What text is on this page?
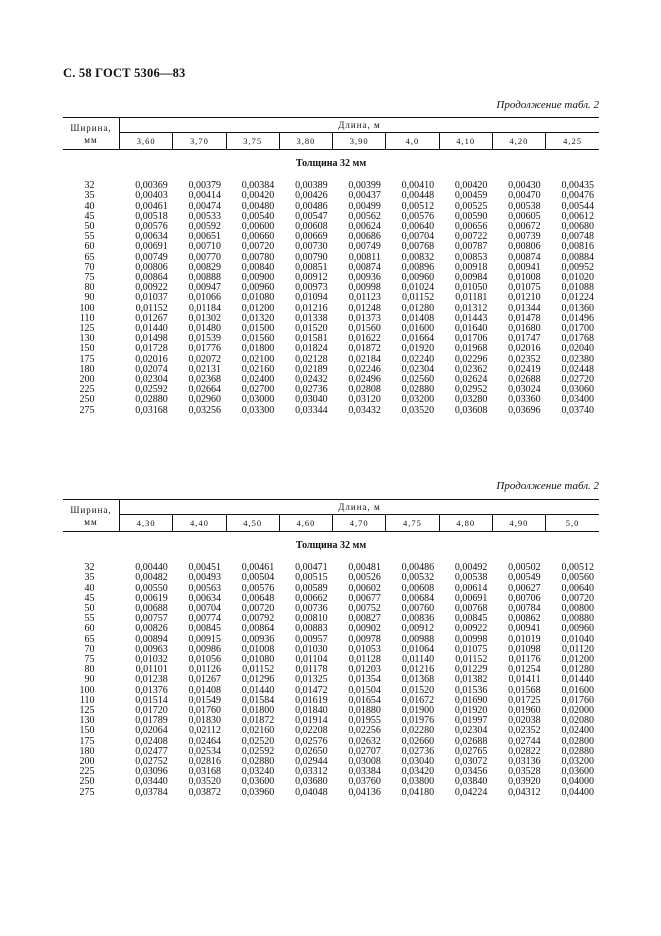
С. 58 ГОСТ 5306—83
Продолжение табл. 2
Ширина,
мм	Длина, м								
	3,60	3,70	3,75	3,80	3,90	4,0	4,10	4,20	4,25
Толщина 32 мм									
32	0,00369	0,00379	0,00384	0,00389	0,00399	0,00410	0,00420	0,00430	0,00435
35	0,00403	0,00414	0,00420	0,00426	0,00437	0,00448	0,00459	0,00470	0,00476
40	0,00461	0,00474	0,00480	0,00486	0,00499	0,00512	0,00525	0,00538	0,00544
45	0,00518	0,00533	0,00540	0,00547	0,00562	0,00576	0,00590	0,00605	0,00612
50	0,00576	0,00592	0,00600	0,00608	0,00624	0,00640	0,00656	0,00672	0,00680
55	0,00634	0,00651	0,00660	0,00669	0,00686	0,00704	0,00722	0,00739	0,00748
60	0,00691	0,00710	0,00720	0,00730	0,00749	0,00768	0,00787	0,00806	0,00816
65	0,00749	0,00770	0,00780	0,00790	0,00811	0,00832	0,00853	0,00874	0,00884
70	0,00806	0,00829	0,00840	0,00851	0,00874	0,00896	0,00918	0,00941	0,00952
75	0,00864	0,00888	0,00900	0,00912	0,00936	0,00960	0,00984	0,01008	0,01020
80	0,00922	0,00947	0,00960	0,00973	0,00998	0,01024	0,01050	0,01075	0,01088
90	0,01037	0,01066	0,01080	0,01094	0,01123	0,01152	0,01181	0,01210	0,01224
100	0,01152	0,01184	0,01200	0,01216	0,01248	0,01280	0,01312	0,01344	0,01360
110	0,01267	0,01302	0,01320	0,01338	0,01373	0,01408	0,01443	0,01478	0,01496
125	0,01440	0,01480	0,01500	0,01520	0,01560	0,01600	0,01640	0,01680	0,01700
130	0,01498	0,01539	0,01560	0,01581	0,01622	0,01664	0,01706	0,01747	0,01768
150	0,01728	0,01776	0,01800	0,01824	0,01872	0,01920	0,01968	0,02016	0,02040
175	0,02016	0,02072	0,02100	0,02128	0,02184	0,02240	0,02296	0,02352	0,02380
180	0,02074	0,02131	0,02160	0,02189	0,02246	0,02304	0,02362	0,02419	0,02448
200	0,02304	0,02368	0,02400	0,02432	0,02496	0,02560	0,02624	0,02688	0,02720
225	0,02592	0,02664	0,02700	0,02736	0,02808	0,02880	0,02952	0,03024	0,03060
250	0,02880	0,02960	0,03000	0,03040	0,03120	0,03200	0,03280	0,03360	0,03400
275	0,03168	0,03256	0,03300	0,03344	0,03432	0,03520	0,03608	0,03696	0,03740
Продолжение табл. 2
Ширина,
мм	Длина, м								
	4,30	4,40	4,50	4,60	4,70	4,75	4,80	4,90	5,0
Толщина 32 мм									
32	0,00440	0,00451	0,00461	0,00471	0,00481	0,00486	0,00492	0,00502	0,00512
35	0,00482	0,00493	0,00504	0,00515	0,00526	0,00532	0,00538	0,00549	0,00560
40	0,00550	0,00563	0,00576	0,00589	0,00602	0,00608	0,00614	0,00627	0,00640
45	0,00619	0,00634	0,00648	0,00662	0,00677	0,00684	0,00691	0,00706	0,00720
50	0,00688	0,00704	0,00720	0,00736	0,00752	0,00760	0,00768	0,00784	0,00800
55	0,00757	0,00774	0,00792	0,00810	0,00827	0,00836	0,00845	0,00862	0,00880
60	0,00826	0,00845	0,00864	0,00883	0,00902	0,00912	0,00922	0,00941	0,00960
65	0,00894	0,00915	0,00936	0,00957	0,00978	0,00988	0,00998	0,01019	0,01040
70	0,00963	0,00986	0,01008	0,01030	0,01053	0,01064	0,01075	0,01098	0,01120
75	0,01032	0,01056	0,01080	0,01104	0,01128	0,01140	0,01152	0,01176	0,01200
80	0,01101	0,01126	0,01152	0,01178	0,01203	0,01216	0,01229	0,01254	0,01280
90	0,01238	0,01267	0,01296	0,01325	0,01354	0,01368	0,01382	0,01411	0,01440
100	0,01376	0,01408	0,01440	0,01472	0,01504	0,01520	0,01536	0,01568	0,01600
110	0,01514	0,01549	0,01584	0,01619	0,01654	0,01672	0,01690	0,01725	0,01760
125	0,01720	0,01760	0,01800	0,01840	0,01880	0,01900	0,01920	0,01960	0,02000
130	0,01789	0,01830	0,01872	0,01914	0,01955	0,01976	0,01997	0,02038	0,02080
150	0,02064	0,02112	0,02160	0,02208	0,02256	0,02280	0,02304	0,02352	0,02400
175	0,02408	0,02464	0,02520	0,02576	0,02632	0,02660	0,02688	0,02744	0,02800
180	0,02477	0,02534	0,02592	0,02650	0,02707	0,02736	0,02765	0,02822	0,02880
200	0,02752	0,02816	0,02880	0,02944	0,03008	0,03040	0,03072	0,03136	0,03200
225	0,03096	0,03168	0,03240	0,03312	0,03384	0,03420	0,03456	0,03528	0,03600
250	0,03440	0,03520	0,03600	0,03680	0,03760	0,03800	0,03840	0,03920	0,04000
275	0,03784	0,03872	0,03960	0,04048	0,04136	0,04180	0,04224	0,04312	0,04400
